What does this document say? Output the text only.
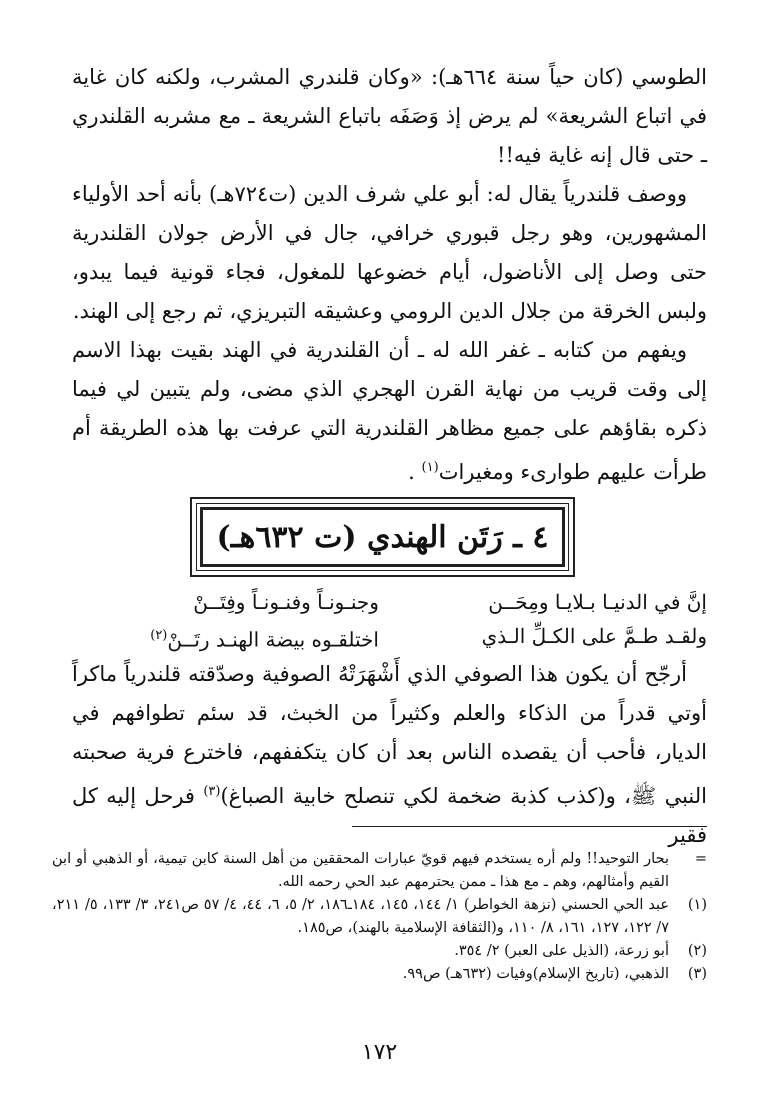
الطوسي (كان حياً سنة ٦٦٤هـ): «وكان قلندري المشرب، ولكنه كان غاية في اتباع الشريعة» لم يرض إذ وَصَفَه باتباع الشريعة ـ مع مشربه القلندري ـ حتى قال إنه غاية فيه!!

ووصف قلندرياً يقال له: أبو علي شرف الدين (ت٧٢٤هـ) بأنه أحد الأولياء المشهورين، وهو رجل قبوري خرافي، جال في الأرض جولان القلندرية حتى وصل إلى الأناضول، أيام خضوعها للمغول، فجاء قونية فيما يبدو، ولبس الخرقة من جلال الدين الرومي وعشيقه التبريزي، ثم رجع إلى الهند.

ويفهم من كتابه ـ غفر الله له ـ أن القلندرية في الهند بقيت بهذا الاسم إلى وقت قريب من نهاية القرن الهجري الذي مضى، ولم يتبين لي فيما ذكره بقاؤهم على جميع مظاهر القلندرية التي عرفت بها هذه الطريقة أم طرأت عليهم طوارىء ومغيرات$^{(١)}$ .

٤ ـ رَتَن الهندي (ت ٦٣٢هـ)
إنَّ في الدنيـا بـلايـا ومِحَــن
وجنـونـاً وفنـونـاً وفِتَــنْ
ولقـد طـمَّ على الكـلِّ الـذي
اختلقـوه بيضة الهنـد رتَــنْ$^{(٢)}$

أرجّح أن يكون هذا الصوفي الذي أَشْهَرَتْهُ الصوفية وصدّقته قلندرياً ماكراً أوتي قدراً من الذكاء والعلم وكثيراً من الخبث، قد سئم تطوافهم في الديار، فأحب أن يقصده الناس بعد أن كان يتكففهم، فاخترع فرية صحبته النبي ﷺ، و(كذب كذبة ضخمة لكي تنصلح خابية الصباغ)$^{(٣)}$ فرحل إليه كل فقير

=
بحار التوحيد!! ولم أره يستخدم فيهم قويّ عبارات المحققين من أهل السنة كابن تيمية، أو الذهبي أو ابن القيم وأمثالهم، وهم ـ مع هذا ـ ممن يحترمهم عبد الحي رحمه الله.
(١)
عبد الحي الحسني (نزهة الخواطر) ١/ ١٤٤، ١٤٥، ١٨٤ـ١٨٦، ٢/ ٥، ٦، ٤٤، ٤/ ٥٧ ص٢٤١، ٣/ ١٣٣، ٥/ ٢١١، ٧/ ١٢٢، ١٢٧، ١٦١، ٨/ ١١٠، و(الثقافة الإسلامية بالهند)، ص١٨٥.
(٢)
أبو زرعة، (الذيل على العبر) ٢/ ٣٥٤.
(٣)
الذهبي، (تاريخ الإسلام)وفيات (٦٣٢هـ) ص٩٩.
١٧٢
